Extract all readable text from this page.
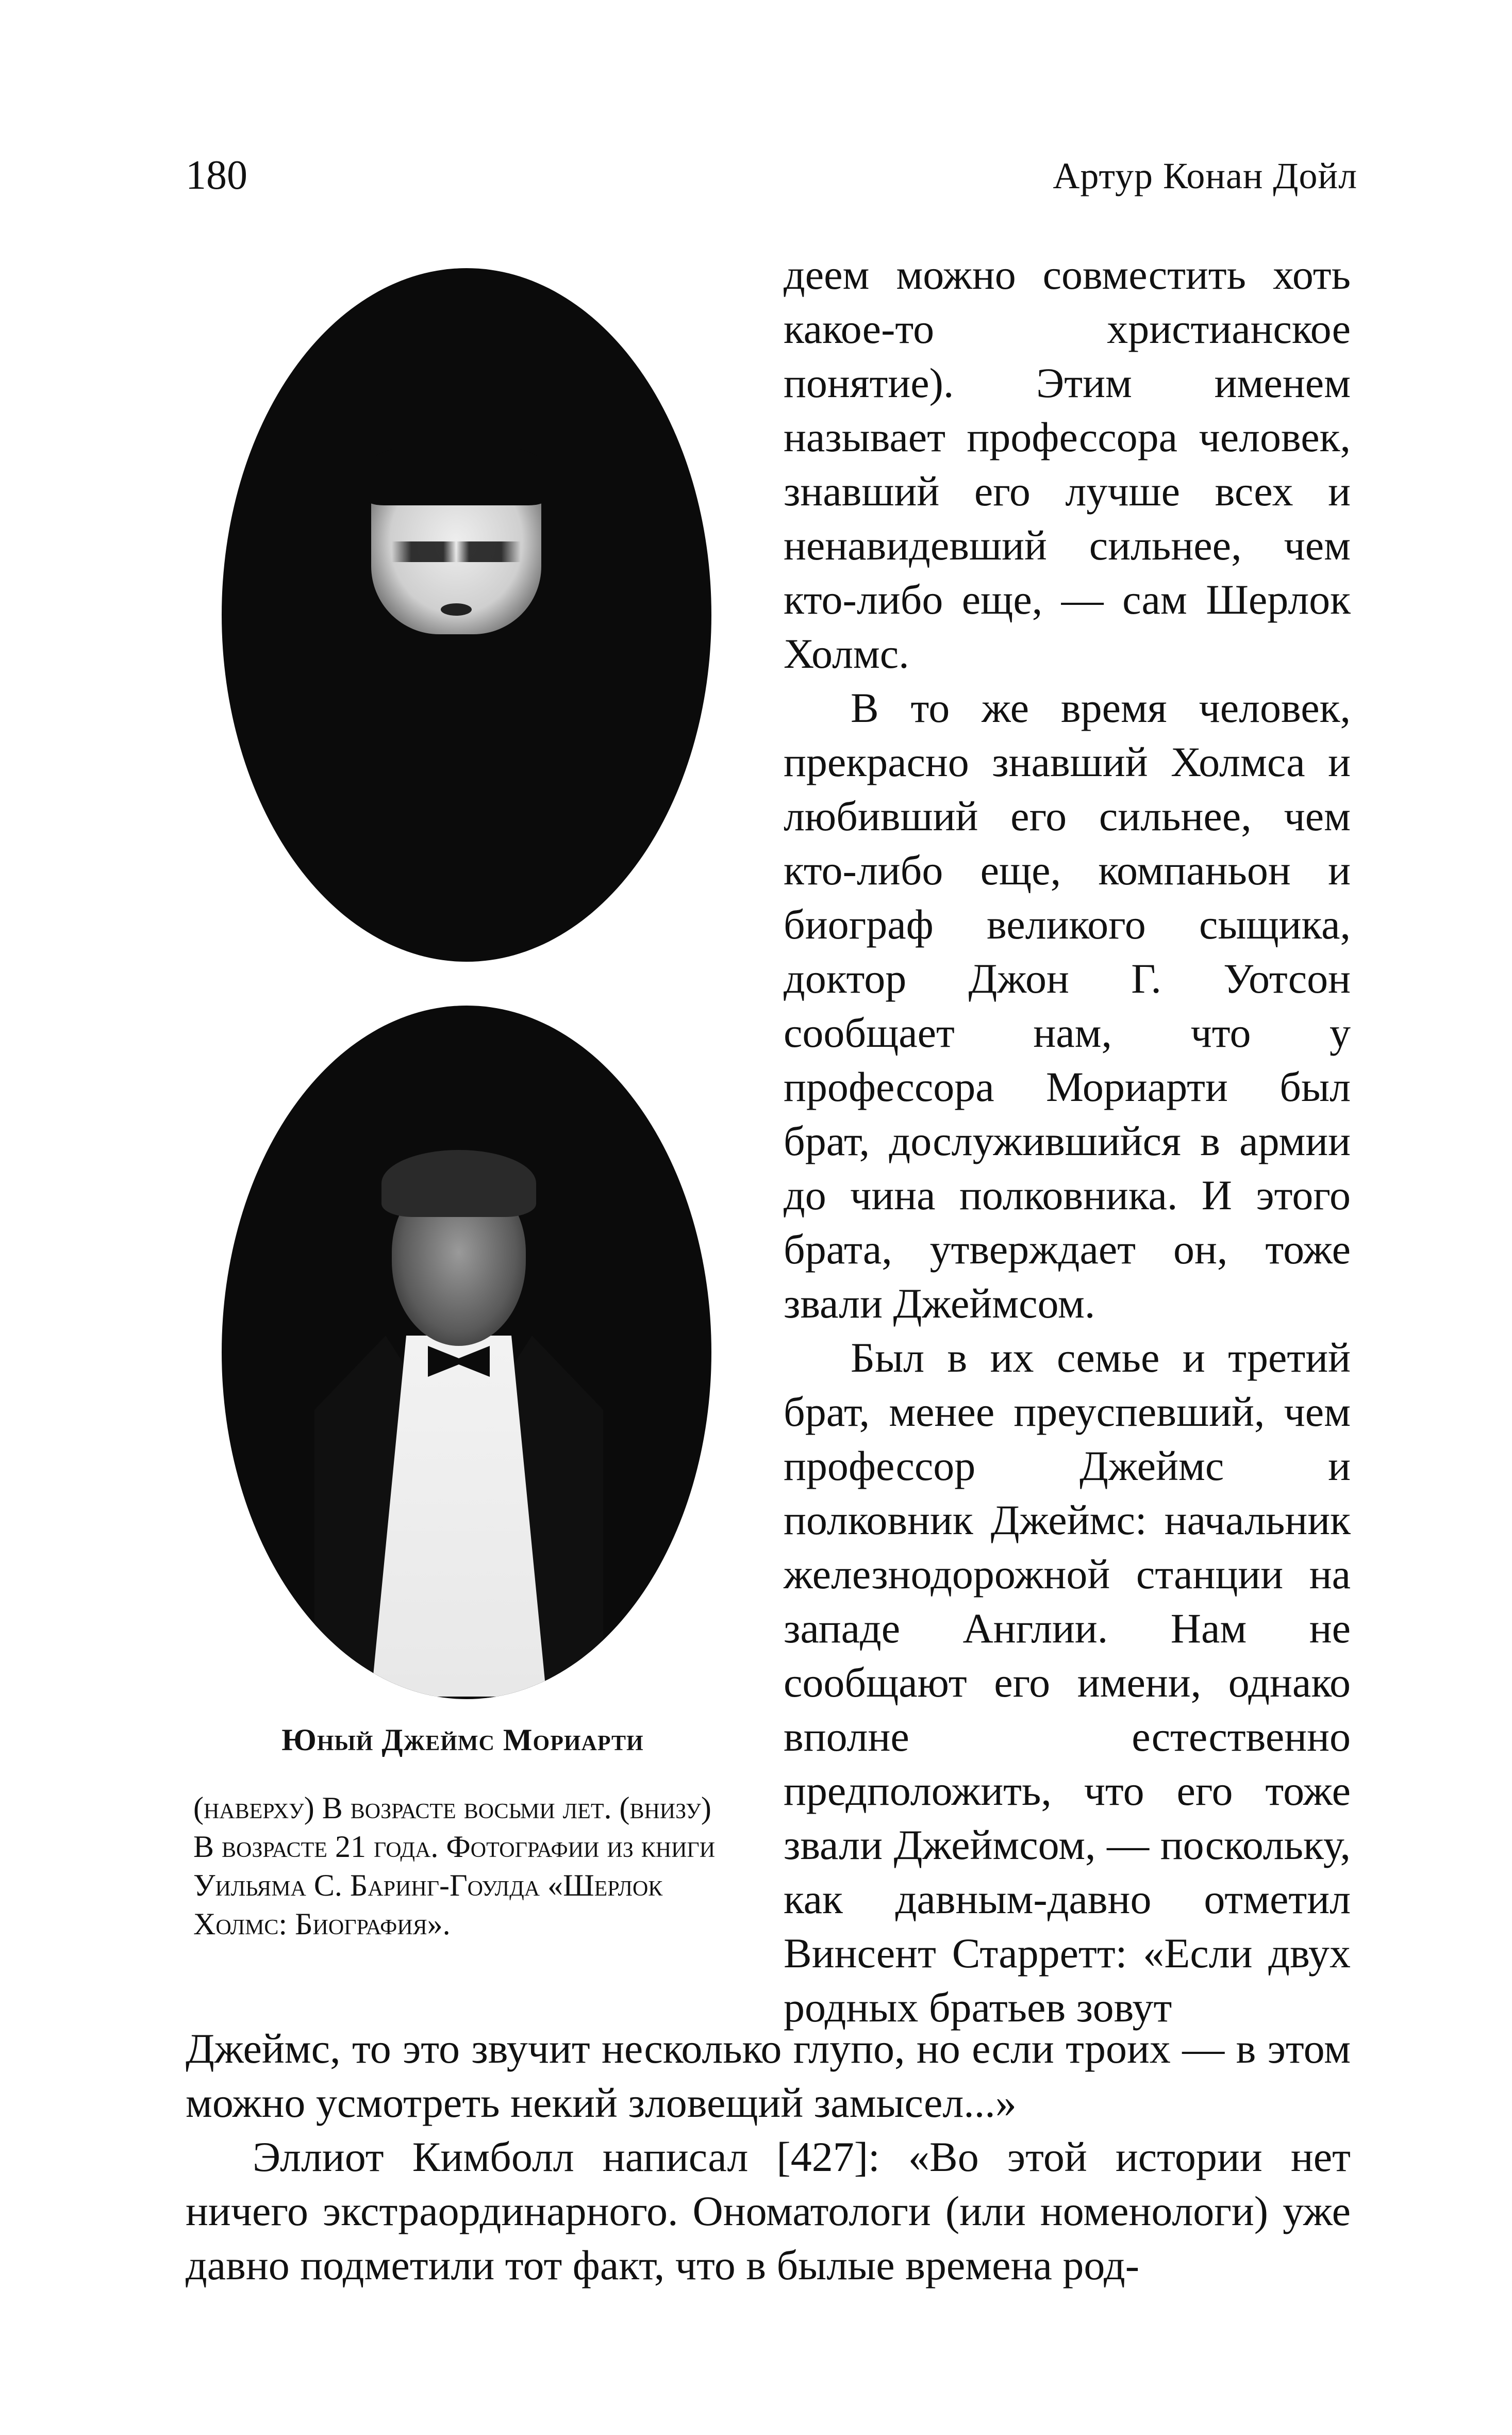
180	Артур Конан Дойл

Юный Джеймс Мориарти

(наверху) В возрасте восьми лет. (внизу) В возрасте 21 года. Фотографии из книги Уильяма С. Баринг-Гоулда «Шерлок Холмс: Биография».

деем можно совместить хоть какое-то христианское понятие). Этим именем называет профессора человек, знавший его лучше всех и ненавидевший сильнее, чем кто-либо еще, — сам Шерлок Холмс.

В то же время человек, прекрасно знавший Холмса и любивший его сильнее, чем кто-либо еще, компаньон и биограф великого сыщика, доктор Джон Г. Уотсон сообщает нам, что у профессора Мориарти был брат, дослужившийся в армии до чина полковника. И этого брата, утверждает он, тоже звали Джеймсом.

Был в их семье и третий брат, менее преуспевший, чем профессор Джеймс и полковник Джеймс: начальник железнодорожной станции на западе Англии. Нам не сообщают его имени, однако вполне естественно предположить, что его тоже звали Джеймсом, — поскольку, как давным-давно отметил Винсент Старретт: «Если двух родных братьев зовут

Джеймс, то это звучит несколько глупо, но если троих — в этом можно усмотреть некий зловещий замысел...»

Эллиот Кимболл написал [427]: «Во этой истории нет ничего экстраординарного. Ономатологи (или номенологи) уже давно подметили тот факт, что в былые времена род-
